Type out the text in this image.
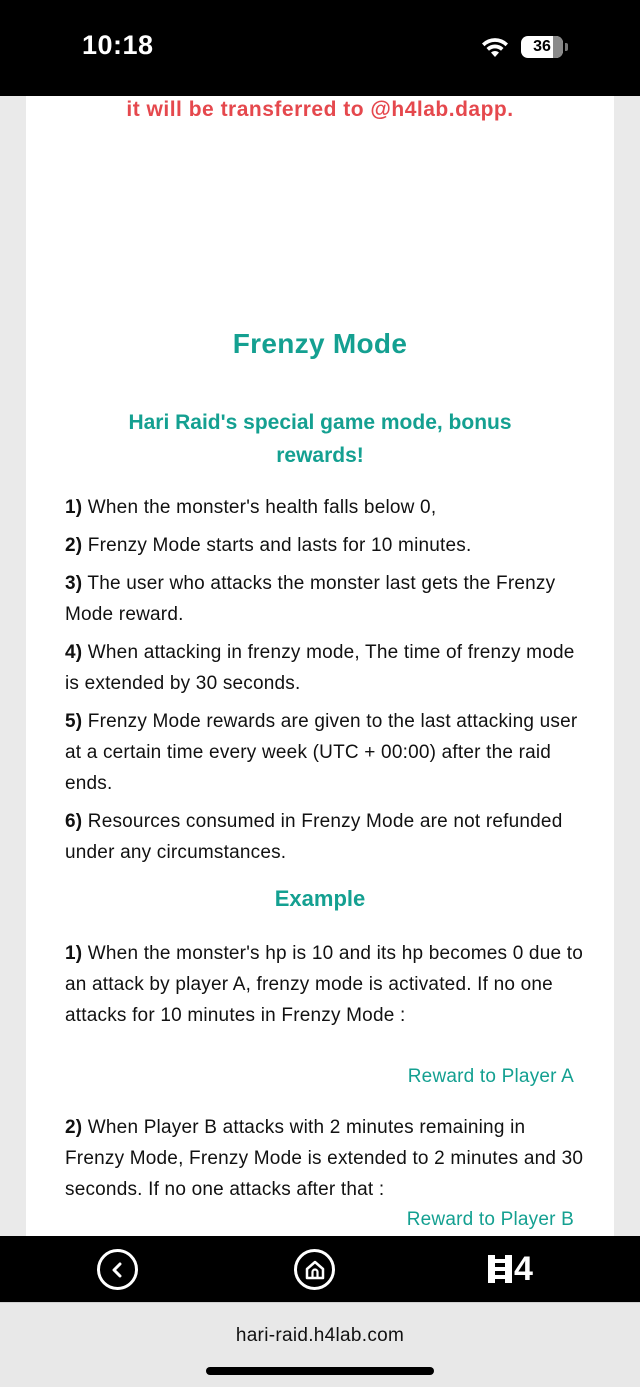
10:18	36
it will be transferred to @h4lab.dapp.
Frenzy Mode
Hari Raid's special game mode, bonus rewards!
1) When the monster's health falls below 0,
2) Frenzy Mode starts and lasts for 10 minutes.
3) The user who attacks the monster last gets the Frenzy Mode reward.
4) When attacking in frenzy mode, The time of frenzy mode is extended by 30 seconds.
5) Frenzy Mode rewards are given to the last attacking user at a certain time every week (UTC + 00:00) after the raid ends.
6) Resources consumed in Frenzy Mode are not refunded under any circumstances.
Example

1) When the monster's hp is 10 and its hp becomes 0 due to an attack by player A, frenzy mode is activated. If no one attacks for 10 minutes in Frenzy Mode :

Reward to Player A

2) When Player B attacks with 2 minutes remaining in Frenzy Mode, Frenzy Mode is extended to 2 minutes and 30 seconds. If no one attacks after that :

Reward to Player B
4
hari-raid.h4lab.com
